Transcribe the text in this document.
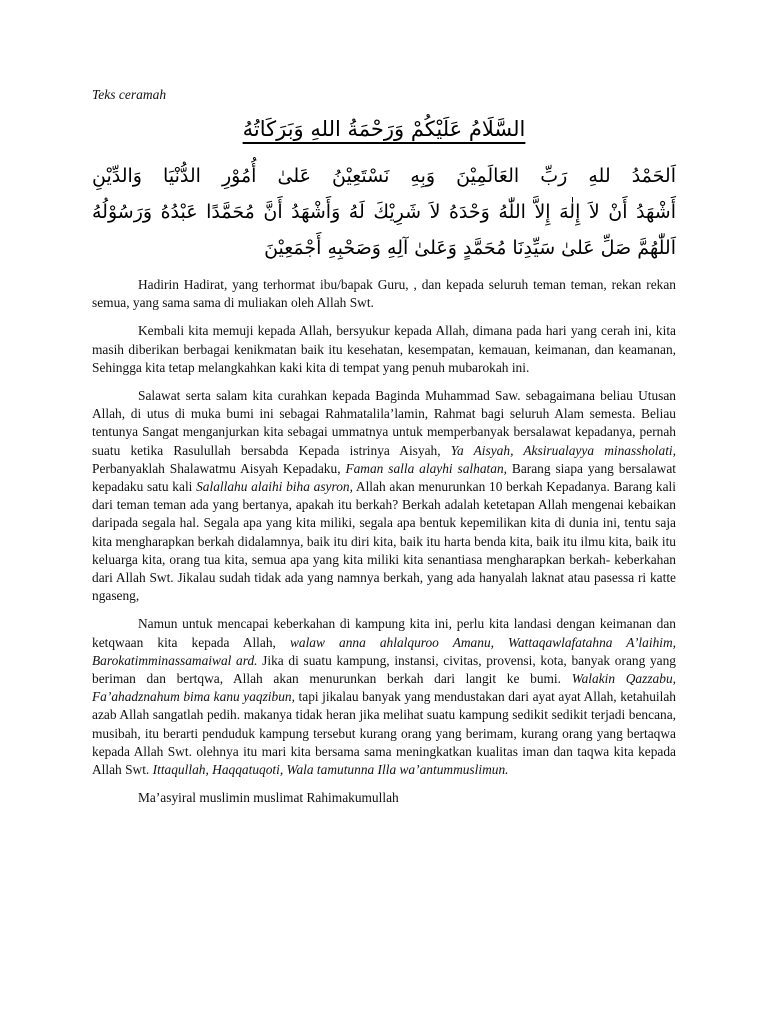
Teks ceramah

السَّلَامُ عَلَيْكُمْ وَرَحْمَةُ اللهِ وَبَرَكَاتُهُ

اَلحَمْدُ للهِ رَبِّ العَالَمِيْنَ وَبِهِ نَسْتَعِيْنُ عَلىٰ أُمُوْرِ الدُّنْيَا وَالدِّيْنِ

أَشْهَدُ أَنْ لاَ إِلٰهَ إِلاَّ اللّٰهُ وَحْدَهُ لاَ شَرِيْكَ لَهُ وَأَشْهَدُ أَنَّ مُحَمَّدًا عَبْدُهُ وَرَسُوْلُهُ

اَللّٰهُمَّ صَلِّ عَلىٰ سَيِّدِنَا مُحَمَّدٍ وَعَلىٰ آلِهِ وَصَحْبِهِ أَجْمَعِيْنَ

Hadirin Hadirat, yang terhormat ibu/bapak Guru, , dan kepada seluruh teman teman, rekan rekan semua, yang sama sama di muliakan oleh Allah Swt.

Kembali kita memuji kepada Allah, bersyukur kepada Allah, dimana pada hari yang cerah ini, kita masih diberikan berbagai kenikmatan baik itu kesehatan, kesempatan, kemauan, keimanan, dan keamanan, Sehingga kita tetap melangkahkan kaki kita di tempat yang penuh mubarokah ini.

Salawat serta salam kita curahkan kepada Baginda Muhammad Saw. sebagaimana beliau Utusan Allah, di utus di muka bumi ini sebagai Rahmatalila’lamin, Rahmat bagi seluruh Alam semesta. Beliau tentunya Sangat menganjurkan kita sebagai ummatnya untuk memperbanyak bersalawat kepadanya, pernah suatu ketika Rasulullah bersabda Kepada istrinya Aisyah, Ya Aisyah, Aksirualayya minassholati, Perbanyaklah Shalawatmu Aisyah Kepadaku, Faman salla alayhi salhatan, Barang siapa yang bersalawat kepadaku satu kali Salallahu alaihi biha asyron, Allah akan menurunkan 10 berkah Kepadanya. Barang kali dari teman teman ada yang bertanya, apakah itu berkah? Berkah adalah ketetapan Allah mengenai kebaikan daripada segala hal. Segala apa yang kita miliki, segala apa bentuk kepemilikan kita di dunia ini, tentu saja kita mengharapkan berkah didalamnya, baik itu diri kita, baik itu harta benda kita, baik itu ilmu kita, baik itu keluarga kita, orang tua kita, semua apa yang kita miliki kita senantiasa mengharapkan berkah- keberkahan dari Allah Swt. Jikalau sudah tidak ada yang namnya berkah, yang ada hanyalah laknat atau pasessa ri katte ngaseng,

Namun untuk mencapai keberkahan di kampung kita ini, perlu kita landasi dengan keimanan dan ketqwaan kita kepada Allah, walaw anna ahlalquroo Amanu, Wattaqawlafatahna A’laihim, Barokatimminassamaiwal ard. Jika di suatu kampung, instansi, civitas, provensi, kota, banyak orang yang beriman dan bertqwa, Allah akan menurunkan berkah dari langit ke bumi. Walakin Qazzabu, Fa’ahadznahum bima kanu yaqzibun, tapi jikalau banyak yang mendustakan dari ayat ayat Allah, ketahuilah azab Allah sangatlah pedih. makanya tidak heran jika melihat suatu kampung sedikit sedikit terjadi bencana, musibah, itu berarti penduduk kampung tersebut kurang orang yang berimam, kurang orang yang bertaqwa kepada Allah Swt. olehnya itu mari kita bersama sama meningkatkan kualitas iman dan taqwa kita kepada Allah Swt. Ittaqullah, Haqqatuqoti, Wala tamutunna Illa wa’antummuslimun.

Ma’asyiral muslimin muslimat Rahimakumullah
